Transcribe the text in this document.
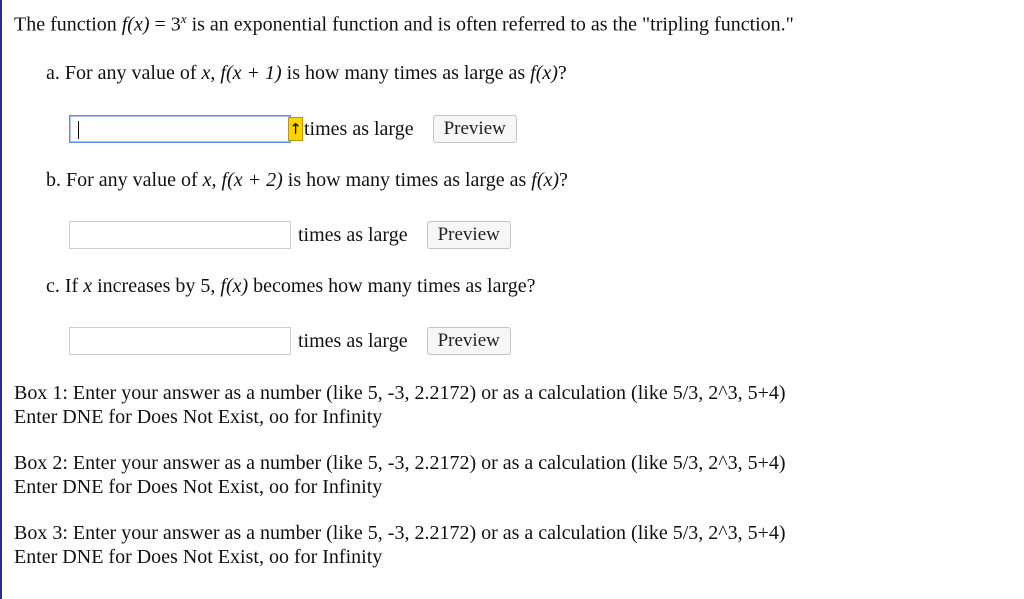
The function $f(x) = 3^x$ is an exponential function and is often referred to as the "tripling function."
a. For any value of x, f(x + 1) is how many times as large as f(x)?
↑ times as large	Preview
b. For any value of x, f(x + 2) is how many times as large as f(x)?
times as large	Preview
c. If x increases by 5, f(x) becomes how many times as large?
times as large	Preview
Box 1: Enter your answer as a number (like 5, -3, 2.2172) or as a calculation (like 5/3, 2^3, 5+4)
Enter DNE for Does Not Exist, oo for Infinity
Box 2: Enter your answer as a number (like 5, -3, 2.2172) or as a calculation (like 5/3, 2^3, 5+4)
Enter DNE for Does Not Exist, oo for Infinity
Box 3: Enter your answer as a number (like 5, -3, 2.2172) or as a calculation (like 5/3, 2^3, 5+4)
Enter DNE for Does Not Exist, oo for Infinity
